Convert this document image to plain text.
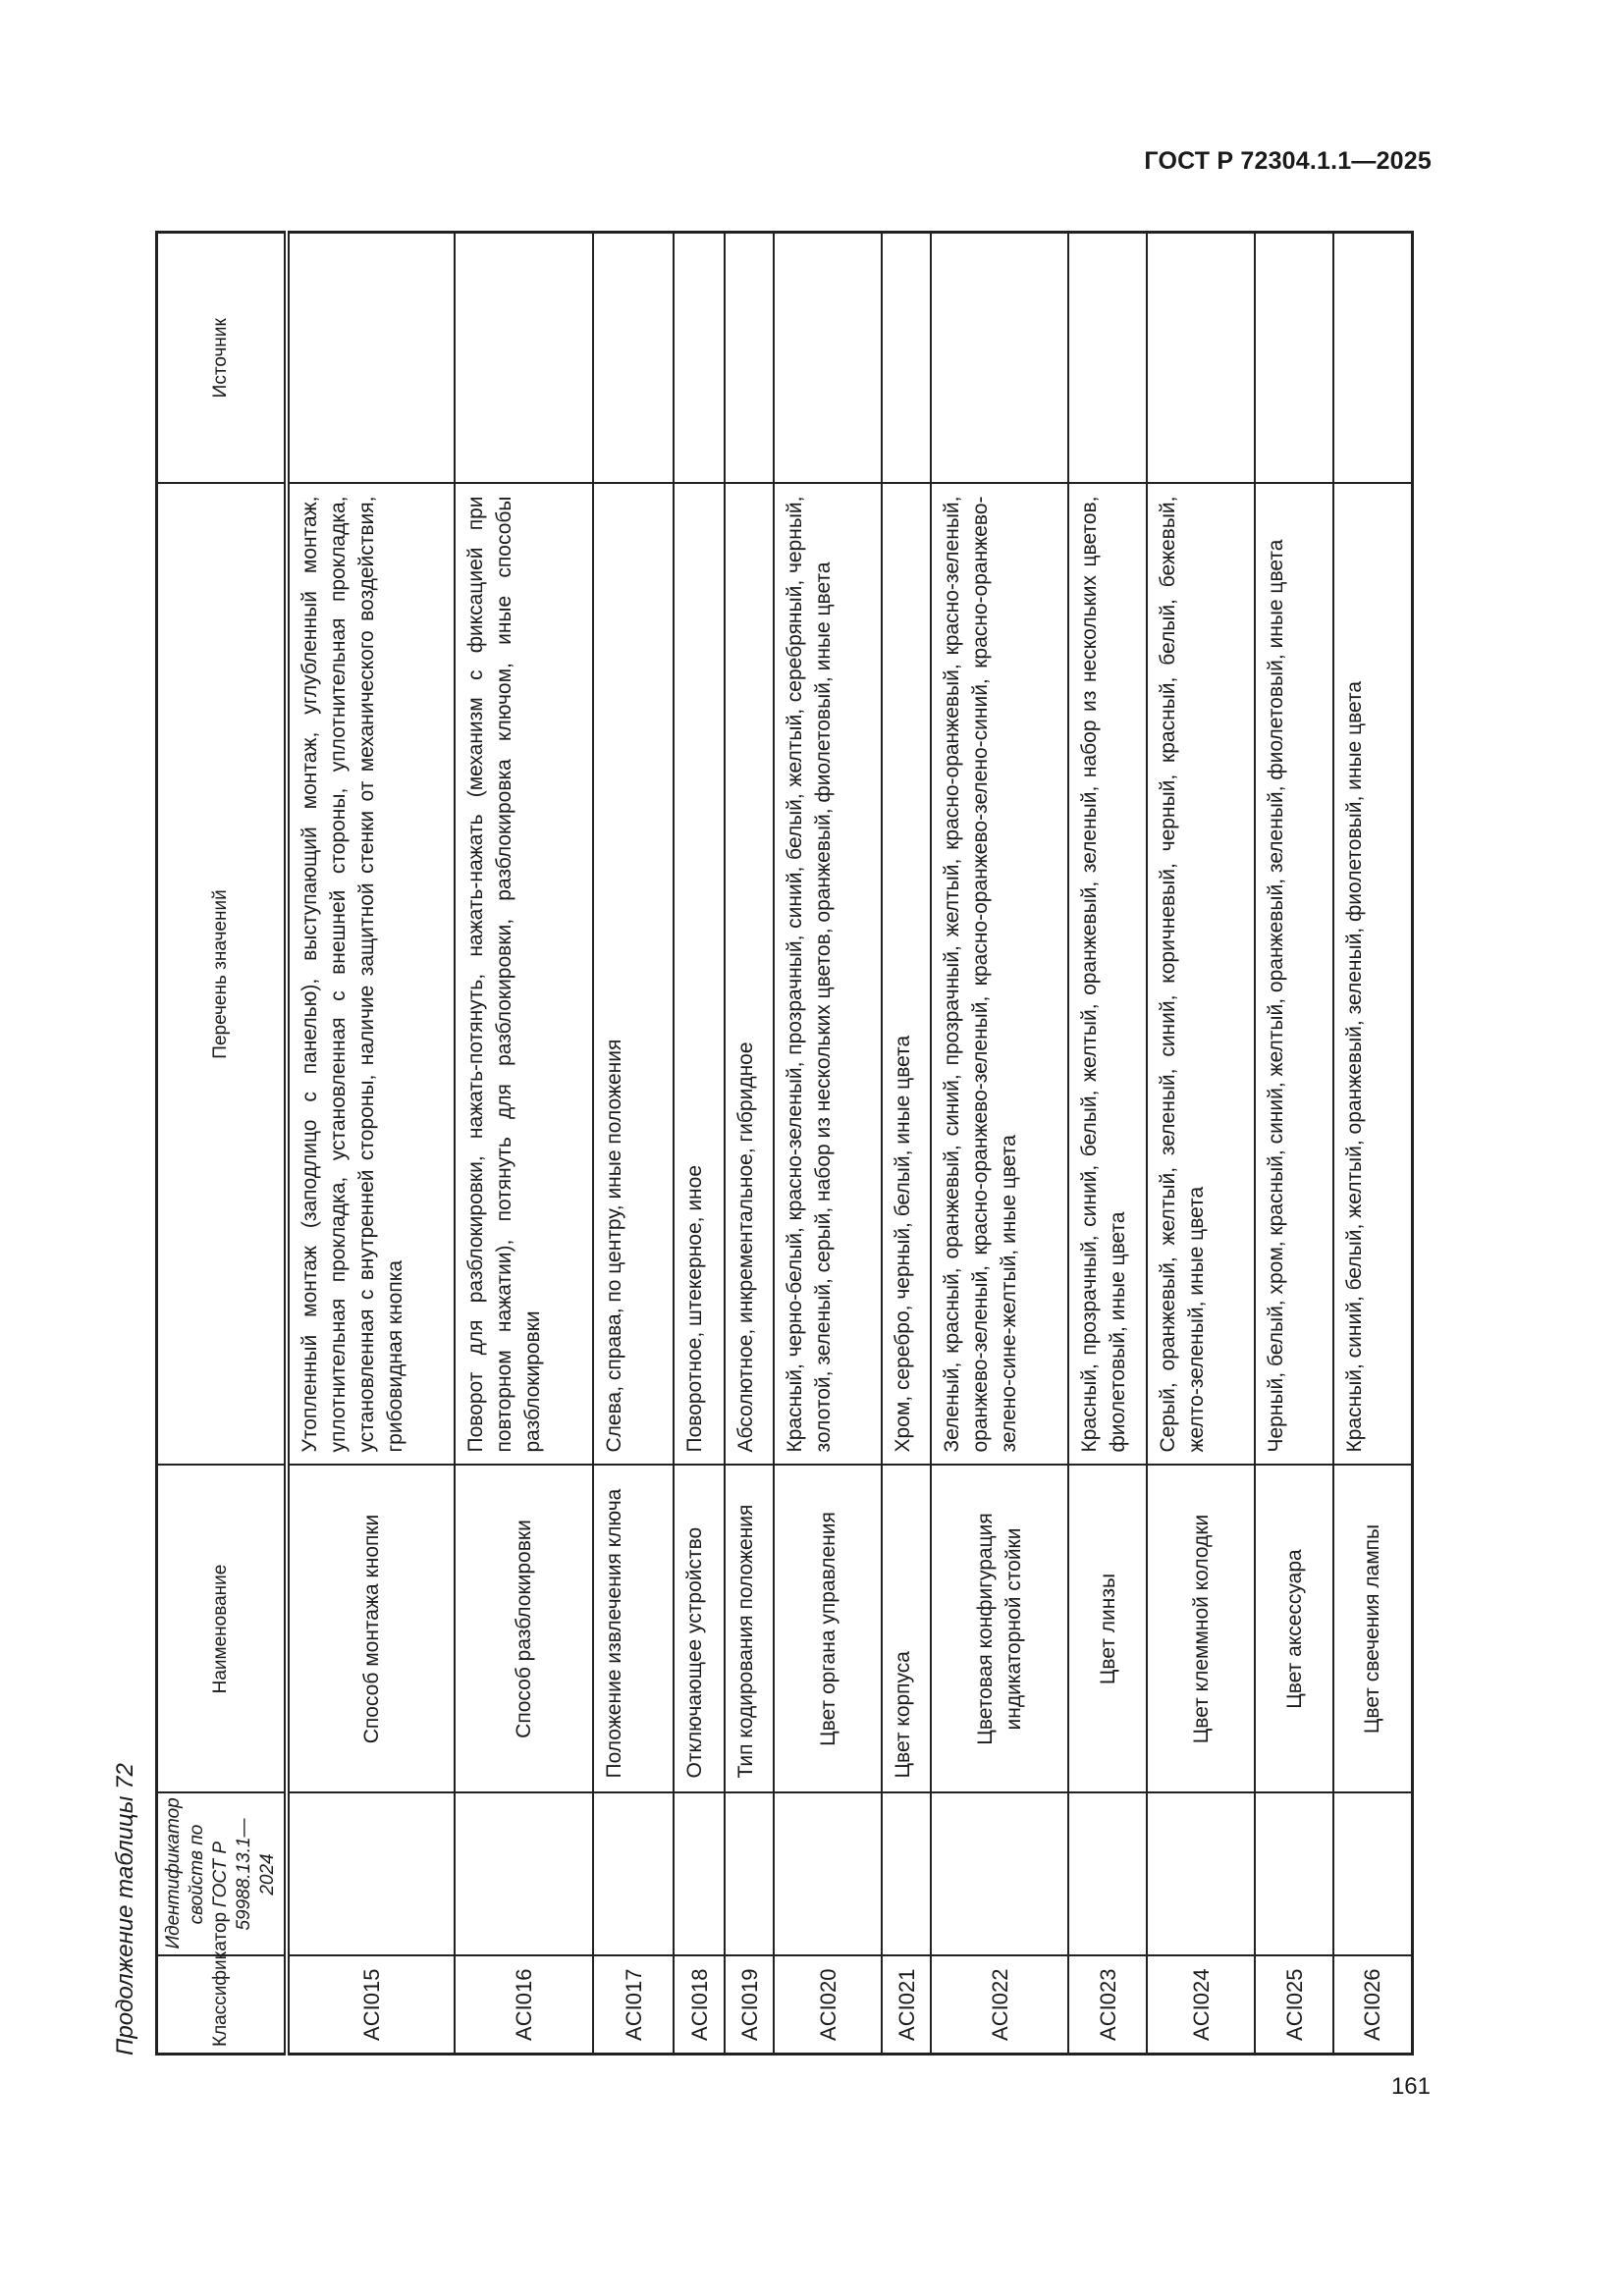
ГОСТ Р 72304.1.1—2025
Продолжение таблицы 72	Классификатор	Идентификатор свойств по ГОСТ Р 59988.13.1—2024	Наименование	Перечень значений	Источник
ACI015		Способ монтажа кнопки	Утопленный монтаж (заподлицо с панелью), выступающий монтаж, углубленный монтаж, уплотнительная прокладка, установленная с внешней стороны, уплотнительная прокладка, установленная с внутренней стороны, наличие защитной стенки от механического воздействия, грибовидная кнопка	
ACI016		Способ разблокировки	Поворот для разблокировки, нажать-потянуть, нажать-нажать (механизм с фиксацией при повторном нажатии), потянуть для разблокировки, разблокировка ключом, иные способы разблокировки	
ACI017		Положение извлечения ключа	Слева, справа, по центру, иные положения	
ACI018		Отключающее устройство	Поворотное, штекерное, иное	
ACI019		Тип кодирования положения	Абсолютное, инкрементальное, гибридное	
ACI020		Цвет органа управления	Красный, черно-белый, красно-зеленый, прозрачный, синий, белый, желтый, серебряный, черный, золотой, зеленый, серый, набор из нескольких цветов, оранжевый, фиолетовый, иные цвета	
ACI021		Цвет корпуса	Хром, серебро, черный, белый, иные цвета	
ACI022		Цветовая конфигурация индикаторной стойки	Зеленый, красный, оранжевый, синий, прозрачный, желтый, красно-оранжевый, красно-зеленый, оранжево-зеленый, красно-оранжево-зеленый, красно-оранжево-зелено-синий, красно-оранжево-зелено-сине-желтый, иные цвета	
ACI023		Цвет линзы	Красный, прозрачный, синий, белый, желтый, оранжевый, зеленый, набор из нескольких цветов, фиолетовый, иные цвета	
ACI024		Цвет клеммной колодки	Серый, оранжевый, желтый, зеленый, синий, коричневый, черный, красный, белый, бежевый, желто-зеленый, иные цвета	
ACI025		Цвет аксессуара	Черный, белый, хром, красный, синий, желтый, оранжевый, зеленый, фиолетовый, иные цвета	
ACI026		Цвет свечения лампы	Красный, синий, белый, желтый, оранжевый, зеленый, фиолетовый, иные цвета	
161
